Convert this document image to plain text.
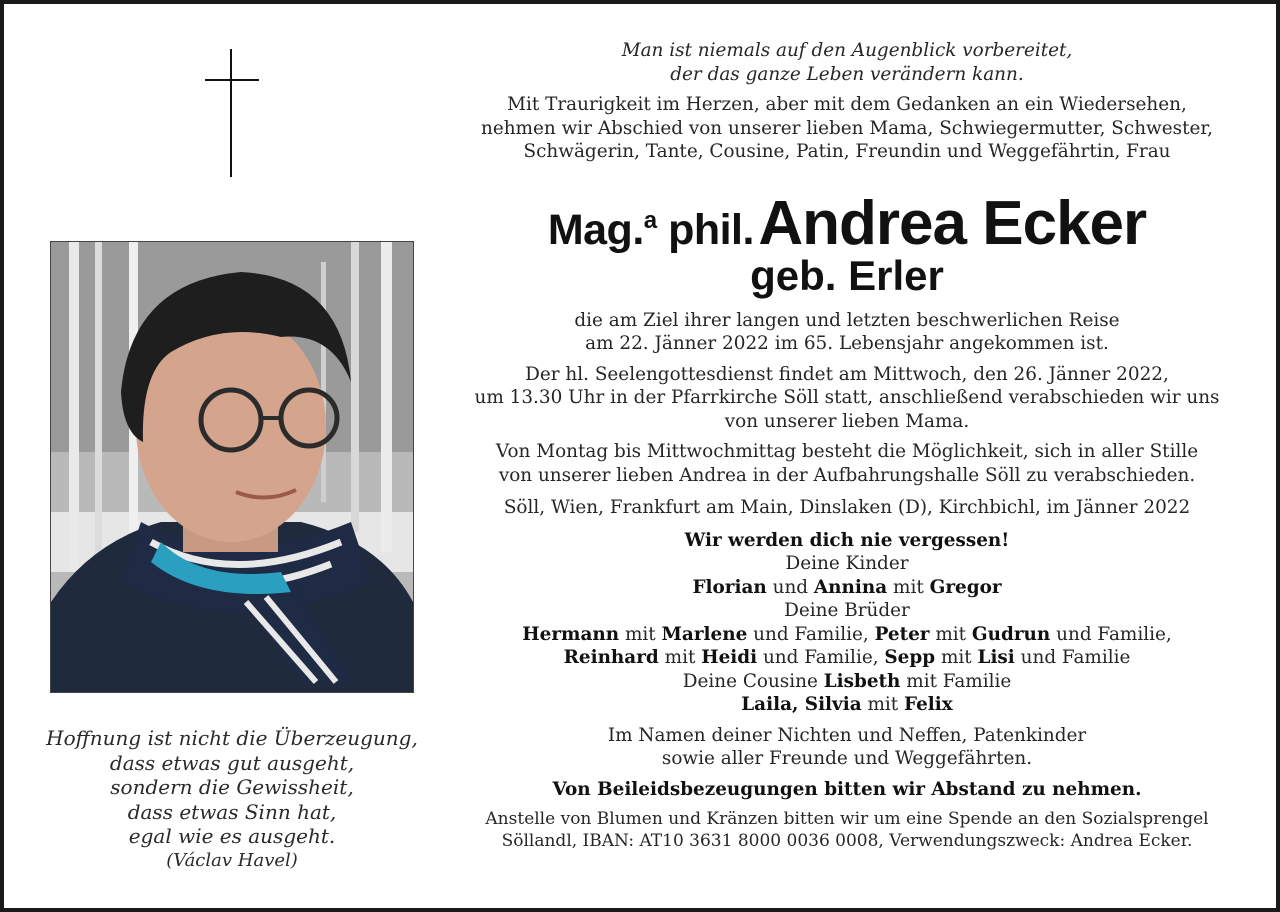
Hoffnung ist nicht die Überzeugung,
dass etwas gut ausgeht,
sondern die Gewissheit,
dass etwas Sinn hat,
egal wie es ausgeht.
(Václav Havel)
Man ist niemals auf den Augenblick vorbereitet,
der das ganze Leben verändern kann.
Mit Traurigkeit im Herzen, aber mit dem Gedanken an ein Wiedersehen,
nehmen wir Abschied von unserer lieben Mama, Schwiegermutter, Schwester,
Schwägerin, Tante, Cousine, Patin, Freundin und Weggefährtin, Frau
Mag.$^a$ phil. Andrea Ecker
geb. Erler
die am Ziel ihrer langen und letzten beschwerlichen Reise
am 22. Jänner 2022 im 65. Lebensjahr angekommen ist.
Der hl. Seelengottesdienst findet am Mittwoch, den 26. Jänner 2022,
um 13.30 Uhr in der Pfarrkirche Söll statt, anschließend verabschieden wir uns
von unserer lieben Mama.
Von Montag bis Mittwochmittag besteht die Möglichkeit, sich in aller Stille
von unserer lieben Andrea in der Aufbahrungshalle Söll zu verabschieden.
Söll, Wien, Frankfurt am Main, Dinslaken (D), Kirchbichl, im Jänner 2022
Wir werden dich nie vergessen!
Deine Kinder
Florian und Annina mit Gregor
Deine Brüder
Hermann mit Marlene und Familie, Peter mit Gudrun und Familie,
Reinhard mit Heidi und Familie, Sepp mit Lisi und Familie
Deine Cousine Lisbeth mit Familie
Laila, Silvia mit Felix
Im Namen deiner Nichten und Neffen, Patenkinder
sowie aller Freunde und Weggefährten.
Von Beileidsbezeugungen bitten wir Abstand zu nehmen.
Anstelle von Blumen und Kränzen bitten wir um eine Spende an den Sozialsprengel
Söllandl, IBAN: AT10 3631 8000 0036 0008, Verwendungszweck: Andrea Ecker.
